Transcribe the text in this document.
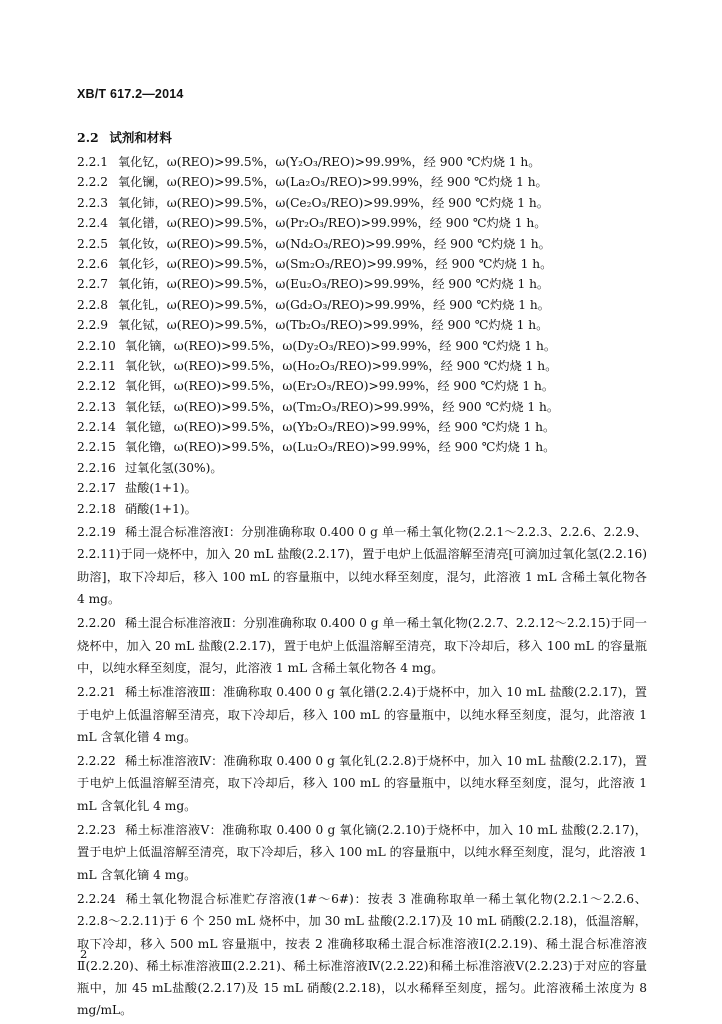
XB/T 617.2—2014
2.2 试剂和材料
2.2.1 氧化钇，ω(REO)>99.5%，ω(Y₂O₃/REO)>99.99%，经 900 ℃灼烧 1 h。
2.2.2 氧化镧，ω(REO)>99.5%，ω(La₂O₃/REO)>99.99%，经 900 ℃灼烧 1 h。
2.2.3 氧化铈，ω(REO)>99.5%，ω(Ce₂O₃/REO)>99.99%，经 900 ℃灼烧 1 h。
2.2.4 氧化镨，ω(REO)>99.5%，ω(Pr₂O₃/REO)>99.99%，经 900 ℃灼烧 1 h。
2.2.5 氧化钕，ω(REO)>99.5%，ω(Nd₂O₃/REO)>99.99%，经 900 ℃灼烧 1 h。
2.2.6 氧化钐，ω(REO)>99.5%，ω(Sm₂O₃/REO)>99.99%，经 900 ℃灼烧 1 h。
2.2.7 氧化铕，ω(REO)>99.5%，ω(Eu₂O₃/REO)>99.99%，经 900 ℃灼烧 1 h。
2.2.8 氧化钆，ω(REO)>99.5%，ω(Gd₂O₃/REO)>99.99%，经 900 ℃灼烧 1 h。
2.2.9 氧化铽，ω(REO)>99.5%，ω(Tb₂O₃/REO)>99.99%，经 900 ℃灼烧 1 h。
2.2.10 氧化镝，ω(REO)>99.5%，ω(Dy₂O₃/REO)>99.99%，经 900 ℃灼烧 1 h。
2.2.11 氧化钬，ω(REO)>99.5%，ω(Ho₂O₃/REO)>99.99%，经 900 ℃灼烧 1 h。
2.2.12 氧化铒，ω(REO)>99.5%，ω(Er₂O₃/REO)>99.99%，经 900 ℃灼烧 1 h。
2.2.13 氧化铥，ω(REO)>99.5%，ω(Tm₂O₃/REO)>99.99%，经 900 ℃灼烧 1 h。
2.2.14 氧化镱，ω(REO)>99.5%，ω(Yb₂O₃/REO)>99.99%，经 900 ℃灼烧 1 h。
2.2.15 氧化镥，ω(REO)>99.5%，ω(Lu₂O₃/REO)>99.99%，经 900 ℃灼烧 1 h。
2.2.16 过氧化氢(30%)。
2.2.17 盐酸(1+1)。
2.2.18 硝酸(1+1)。

2.2.19 稀土混合标准溶液Ⅰ：分别准确称取 0.400 0 g 单一稀土氧化物(2.2.1～2.2.3、2.2.6、2.2.9、2.2.11)于同一烧杯中，加入 20 mL 盐酸(2.2.17)，置于电炉上低温溶解至清亮[可滴加过氧化氢(2.2.16)助溶]，取下冷却后，移入 100 mL 的容量瓶中，以纯水释至刻度，混匀，此溶液 1 mL 含稀土氧化物各 4 mg。

2.2.20 稀土混合标准溶液Ⅱ：分别准确称取 0.400 0 g 单一稀土氧化物(2.2.7、2.2.12～2.2.15)于同一烧杯中，加入 20 mL 盐酸(2.2.17)，置于电炉上低温溶解至清亮，取下冷却后，移入 100 mL 的容量瓶中，以纯水释至刻度，混匀，此溶液 1 mL 含稀土氧化物各 4 mg。

2.2.21 稀土标准溶液Ⅲ：准确称取 0.400 0 g 氧化镨(2.2.4)于烧杯中，加入 10 mL 盐酸(2.2.17)，置于电炉上低温溶解至清亮，取下冷却后，移入 100 mL 的容量瓶中，以纯水释至刻度，混匀，此溶液 1 mL 含氧化镨 4 mg。

2.2.22 稀土标准溶液Ⅳ：准确称取 0.400 0 g 氧化钆(2.2.8)于烧杯中，加入 10 mL 盐酸(2.2.17)，置于电炉上低温溶解至清亮，取下冷却后，移入 100 mL 的容量瓶中，以纯水释至刻度，混匀，此溶液 1 mL 含氧化钆 4 mg。

2.2.23 稀土标准溶液Ⅴ：准确称取 0.400 0 g 氧化镝(2.2.10)于烧杯中，加入 10 mL 盐酸(2.2.17)，置于电炉上低温溶解至清亮，取下冷却后，移入 100 mL 的容量瓶中，以纯水释至刻度，混匀，此溶液 1 mL 含氧化镝 4 mg。

2.2.24 稀土氧化物混合标准贮存溶液(1#～6#)：按表 3 准确称取单一稀土氧化物(2.2.1～2.2.6、2.2.8～2.2.11)于 6 个 250 mL 烧杯中，加 30 mL 盐酸(2.2.17)及 10 mL 硝酸(2.2.18)，低温溶解，取下冷却，移入 500 mL 容量瓶中，按表 2 准确移取稀土混合标准溶液Ⅰ(2.2.19)、稀土混合标准溶液Ⅱ(2.2.20)、稀土标准溶液Ⅲ(2.2.21)、稀土标准溶液Ⅳ(2.2.22)和稀土标准溶液Ⅴ(2.2.23)于对应的容量瓶中，加 45 mL盐酸(2.2.17)及 15 mL 硝酸(2.2.18)，以水稀释至刻度，摇匀。此溶液稀土浓度为 8 mg/mL。

2
